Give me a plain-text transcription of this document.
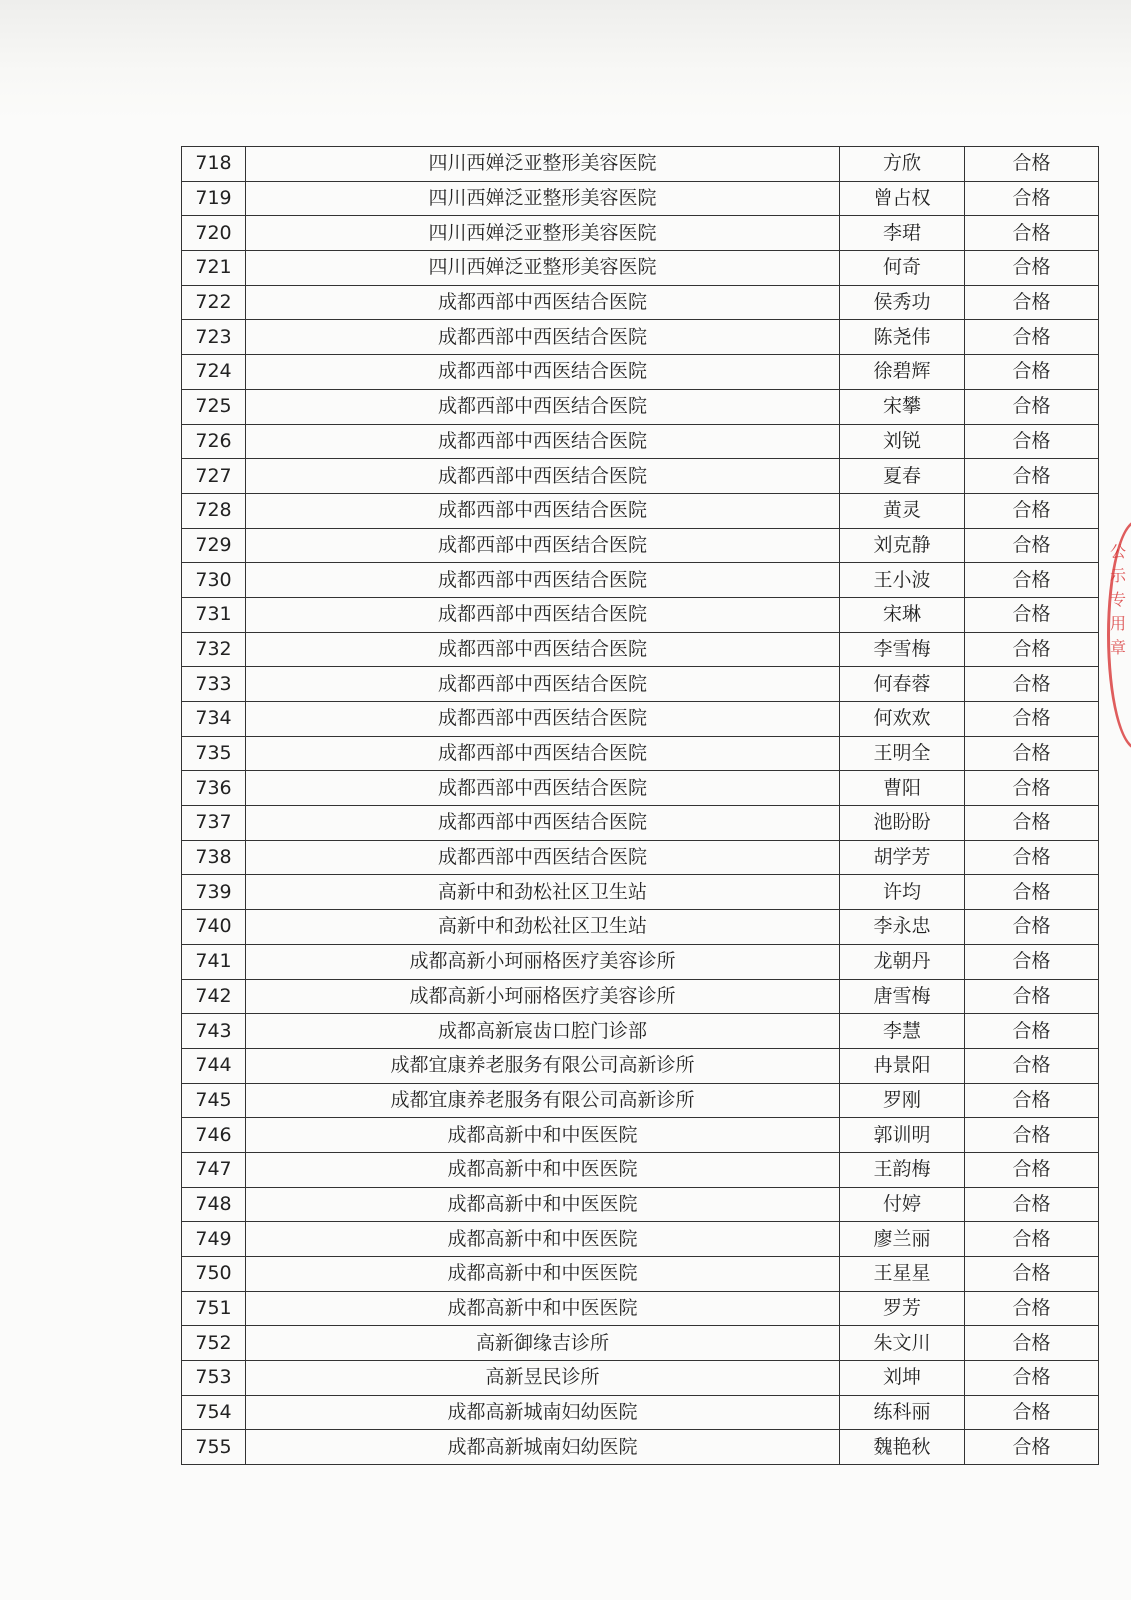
718	四川西婵泛亚整形美容医院	方欣	合格
719	四川西婵泛亚整形美容医院	曾占权	合格
720	四川西婵泛亚整形美容医院	李珺	合格
721	四川西婵泛亚整形美容医院	何奇	合格
722	成都西部中西医结合医院	侯秀功	合格
723	成都西部中西医结合医院	陈尧伟	合格
724	成都西部中西医结合医院	徐碧辉	合格
725	成都西部中西医结合医院	宋攀	合格
726	成都西部中西医结合医院	刘锐	合格
727	成都西部中西医结合医院	夏春	合格
728	成都西部中西医结合医院	黄灵	合格
729	成都西部中西医结合医院	刘克静	合格
730	成都西部中西医结合医院	王小波	合格
731	成都西部中西医结合医院	宋琳	合格
732	成都西部中西医结合医院	李雪梅	合格
733	成都西部中西医结合医院	何春蓉	合格
734	成都西部中西医结合医院	何欢欢	合格
735	成都西部中西医结合医院	王明全	合格
736	成都西部中西医结合医院	曹阳	合格
737	成都西部中西医结合医院	池盼盼	合格
738	成都西部中西医结合医院	胡学芳	合格
739	高新中和劲松社区卫生站	许均	合格
740	高新中和劲松社区卫生站	李永忠	合格
741	成都高新小珂丽格医疗美容诊所	龙朝丹	合格
742	成都高新小珂丽格医疗美容诊所	唐雪梅	合格
743	成都高新宸齿口腔门诊部	李慧	合格
744	成都宜康养老服务有限公司高新诊所	冉景阳	合格
745	成都宜康养老服务有限公司高新诊所	罗刚	合格
746	成都高新中和中医医院	郭训明	合格
747	成都高新中和中医医院	王韵梅	合格
748	成都高新中和中医医院	付婷	合格
749	成都高新中和中医医院	廖兰丽	合格
750	成都高新中和中医医院	王星星	合格
751	成都高新中和中医医院	罗芳	合格
752	高新御缘吉诊所	朱文川	合格
753	高新昱民诊所	刘坤	合格
754	成都高新城南妇幼医院	练科丽	合格
755	成都高新城南妇幼医院	魏艳秋	合格
公示专用章
